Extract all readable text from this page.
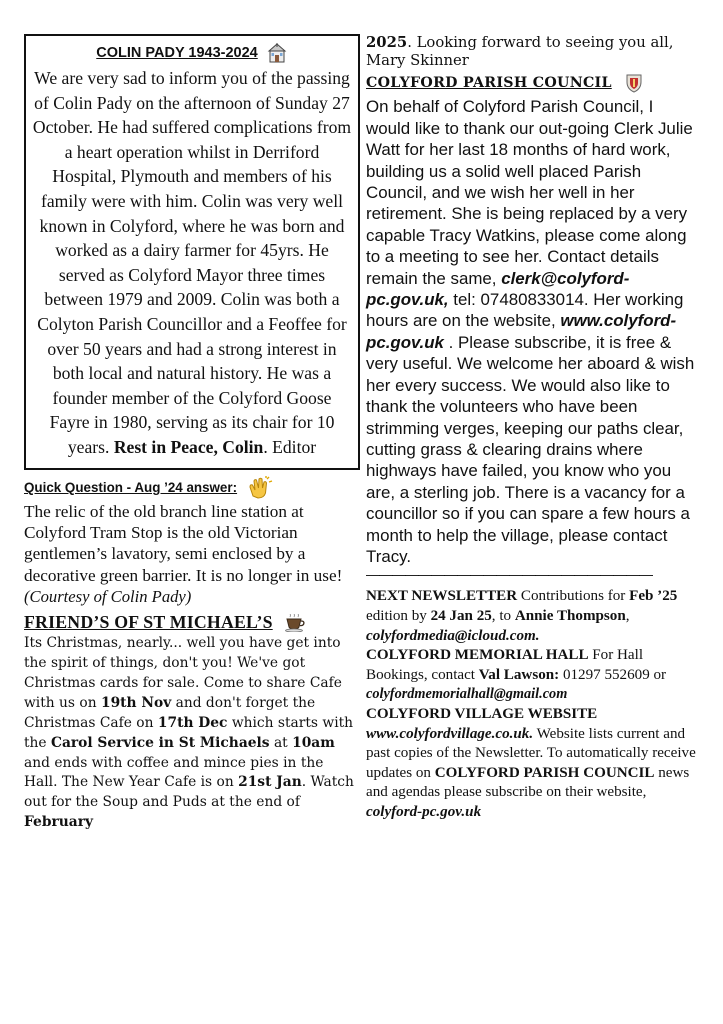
COLIN PADY 1943-2024
We are very sad to inform you of the passing of Colin Pady on the afternoon of Sunday 27 October. He had suffered complications from a heart operation whilst in Derriford Hospital, Plymouth and members of his family were with him. Colin was very well known in Colyford, where he was born and worked as a dairy farmer for 45yrs. He served as Colyford Mayor three times between 1979 and 2009. Colin was both a Colyton Parish Councillor and a Feoffee for over 50 years and had a strong interest in both local and natural history. He was a founder member of the Colyford Goose Fayre in 1980, serving as its chair for 10 years. Rest in Peace, Colin. Editor
Quick Question - Aug ’24 answer:
The relic of the old branch line station at Colyford Tram Stop is the old Victorian gentlemen’s lavatory, semi enclosed by a decorative green barrier. It is no longer in use!
(Courtesy of Colin Pady)
FRIEND’S OF ST MICHAEL’S
Its Christmas, nearly... well you have get into the spirit of things, don't you! We've got Christmas cards for sale. Come to share Cafe with us on 19th Nov and don't forget the Christmas Cafe on 17th Dec which starts with the Carol Service in St Michaels at 10am and ends with coffee and mince pies in the Hall. The New Year Cafe is on 21st Jan. Watch out for the Soup and Puds at the end of February
2025. Looking forward to seeing you all, Mary Skinner
COLYFORD PARISH COUNCIL
On behalf of Colyford Parish Council, I would like to thank our out-going Clerk Julie Watt for her last 18 months of hard work, building us a solid well placed Parish Council, and we wish her well in her retirement. She is being replaced by a very capable Tracy Watkins, please come along to a meeting to see her. Contact details remain the same, clerk@colyford-pc.gov.uk, tel: 07480833014. Her working hours are on the website, www.colyford-pc.gov.uk . Please subscribe, it is free & very useful. We welcome her aboard & wish her every success. We would also like to thank the volunteers who have been strimming verges, keeping our paths clear, cutting grass & clearing drains where highways have failed, you know who you are, a sterling job. There is a vacancy for a councillor so if you can spare a few hours a month to help the village, please contact Tracy.
——————————————————————

NEXT NEWSLETTER Contributions for Feb ’25 edition by 24 Jan 25, to Annie Thompson, colyfordmedia@icloud.com.

COLYFORD MEMORIAL HALL For Hall Bookings, contact Val Lawson: 01297 552609 or

colyfordmemorialhall@gmail.com

COLYFORD VILLAGE WEBSITE
www.colyfordvillage.co.uk. Website lists current and past copies of the Newsletter. To automatically receive updates on COLYFORD PARISH COUNCIL news and agendas please subscribe on their website, colyford-pc.gov.uk
